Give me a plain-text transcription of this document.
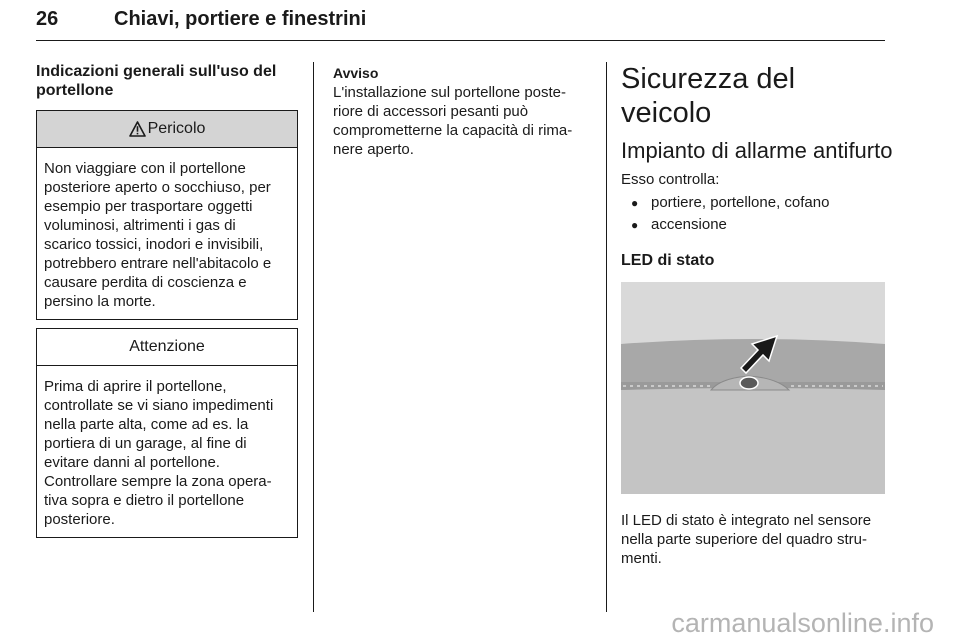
26	Chiavi, portiere e finestrini
Indicazioni generali sull'uso del
portellone
Pericolo
Non viaggiare con il portellone
posteriore aperto o socchiuso, per
esempio per trasportare oggetti
voluminosi, altrimenti i gas di
scarico tossici, inodori e invisibili,
potrebbero entrare nell'abitacolo e
causare perdita di coscienza e
persino la morte.
Attenzione
Prima di aprire il portellone,
controllate se vi siano impedimenti
nella parte alta, come ad es. la
portiera di un garage, al fine di
evitare danni al portellone.
Controllare sempre la zona opera-
tiva sopra e dietro il portellone
posteriore.
Avviso
L'installazione sul portellone poste-
riore di accessori pesanti può
comprometterne la capacità di rima-
nere aperto.
Sicurezza del veicolo
Impianto di allarme antifurto
Esso controlla:
● portiere, portellone, cofano
● accensione
LED di stato
Il LED di stato è integrato nel sensore
nella parte superiore del quadro stru-
menti.
carmanualsonline.info
